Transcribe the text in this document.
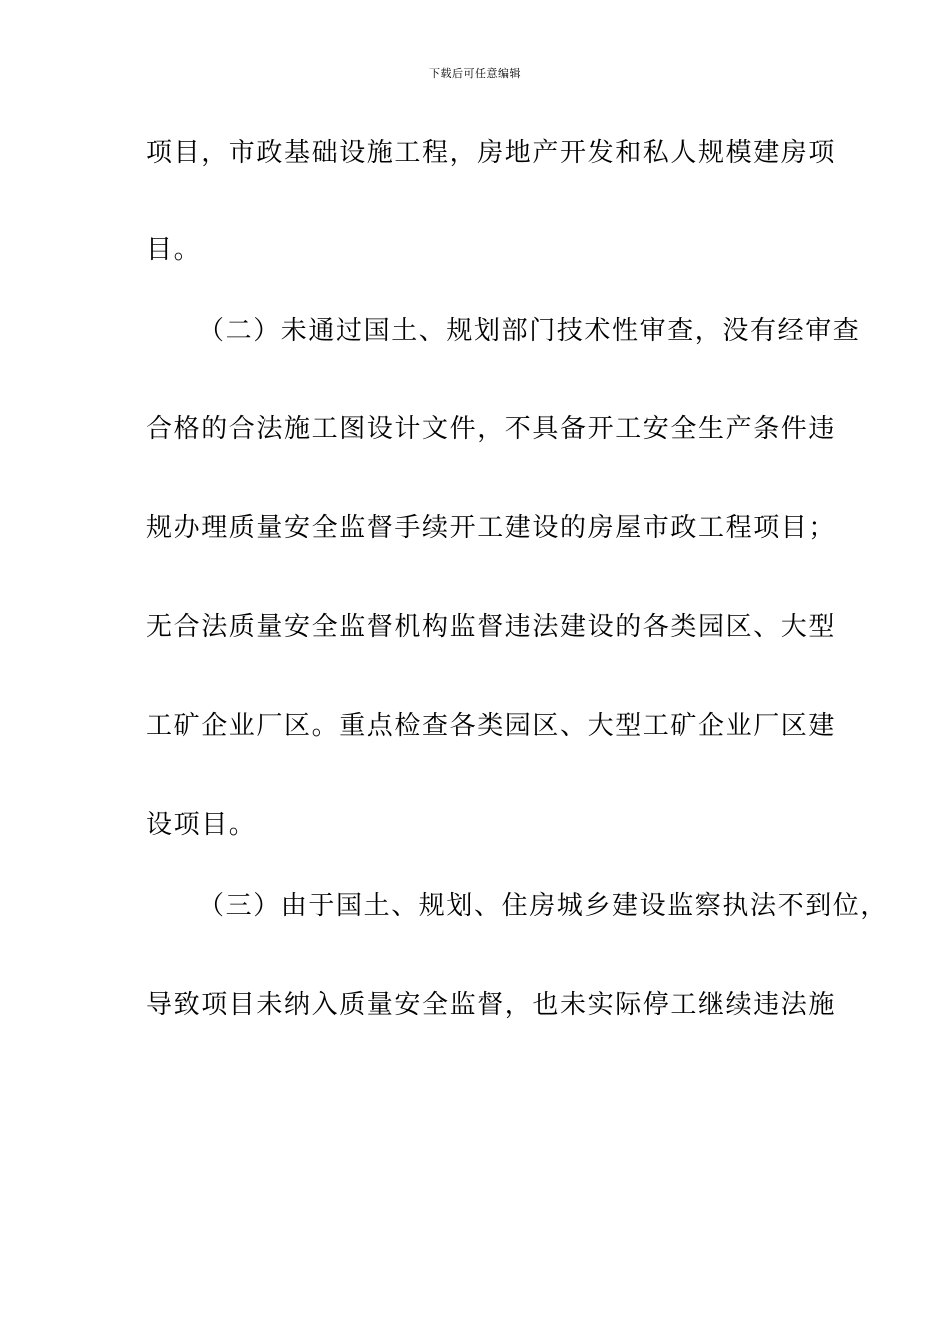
下载后可任意编辑
项目，市政基础设施工程，房地产开发和私人规模建房项
目。
（二）未通过国土、规划部门技术性审查，没有经审查
合格的合法施工图设计文件，不具备开工安全生产条件违
规办理质量安全监督手续开工建设的房屋市政工程项目；
无合法质量安全监督机构监督违法建设的各类园区、大型
工矿企业厂区。重点检查各类园区、大型工矿企业厂区建
设项目。
（三）由于国土、规划、住房城乡建设监察执法不到位，
导致项目未纳入质量安全监督，也未实际停工继续违法施
